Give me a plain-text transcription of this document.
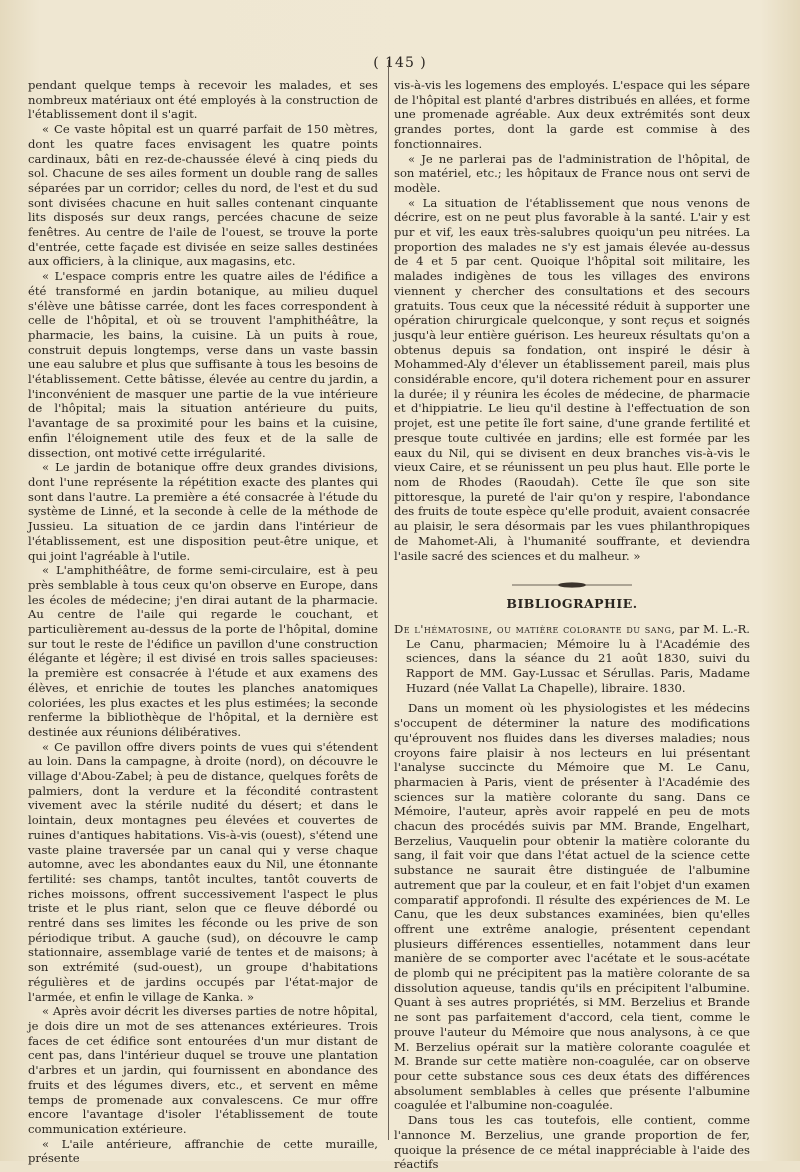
( 145 )

pendant quelque temps à recevoir les malades, et ses nombreux matériaux ont été employés à la construction de l'établissement dont il s'agit.

« Ce vaste hôpital est un quarré parfait de 150 mètres, dont les quatre faces envisagent les quatre points cardinaux, bâti en rez-de-chaussée élevé à cinq pieds du sol. Chacune de ses ailes forment un double rang de salles séparées par un corridor; celles du nord, de l'est et du sud sont divisées chacune en huit salles contenant cinquante lits disposés sur deux rangs, percées chacune de seize fenêtres. Au centre de l'aile de l'ouest, se trouve la porte d'entrée, cette façade est divisée en seize salles destinées aux officiers, à la clinique, aux magasins, etc.

« L'espace compris entre les quatre ailes de l'édifice a été transformé en jardin botanique, au milieu duquel s'élève une bâtisse carrée, dont les faces correspondent à celle de l'hôpital, et où se trouvent l'amphithéâtre, la pharmacie, les bains, la cuisine. Là un puits à roue, construit depuis longtemps, verse dans un vaste bassin une eau salubre et plus que suffisante à tous les besoins de l'établissement. Cette bâtisse, élevée au centre du jardin, a l'inconvénient de masquer une partie de la vue intérieure de l'hôpital; mais la situation antérieure du puits, l'avantage de sa proximité pour les bains et la cuisine, enfin l'éloignement utile des feux et de la salle de dissection, ont motivé cette irrégularité.

« Le jardin de botanique offre deux grandes divisions, dont l'une représente la répétition exacte des plantes qui sont dans l'autre. La première a été consacrée à l'étude du système de Linné, et la seconde à celle de la méthode de Jussieu. La situation de ce jardin dans l'intérieur de l'établissement, est une disposition peut-être unique, et qui joint l'agréable à l'utile.

« L'amphithéâtre, de forme semi-circulaire, est à peu près semblable à tous ceux qu'on observe en Europe, dans les écoles de médecine; j'en dirai autant de la pharmacie. Au centre de l'aile qui regarde le couchant, et particulièrement au-dessus de la porte de l'hôpital, domine sur tout le reste de l'édifice un pavillon d'une construction élégante et légère; il est divisé en trois salles spacieuses: la première est consacrée à l'étude et aux examens des élèves, et enrichie de toutes les planches anatomiques coloriées, les plus exactes et les plus estimées; la seconde renferme la bibliothèque de l'hôpital, et la dernière est destinée aux réunions délibératives.

« Ce pavillon offre divers points de vues qui s'étendent au loin. Dans la campagne, à droite (nord), on découvre le village d'Abou-Zabel; à peu de distance, quelques forêts de palmiers, dont la verdure et la fécondité contrastent vivement avec la stérile nudité du désert; et dans le lointain, deux montagnes peu élevées et couvertes de ruines d'antiques habitations. Vis-à-vis (ouest), s'étend une vaste plaine traversée par un canal qui y verse chaque automne, avec les abondantes eaux du Nil, une étonnante fertilité: ses champs, tantôt incultes, tantôt couverts de riches moissons, offrent successivement l'aspect le plus triste et le plus riant, selon que ce fleuve débordé ou rentré dans ses limites les féconde ou les prive de son périodique tribut. A gauche (sud), on découvre le camp stationnaire, assemblage varié de tentes et de maisons; à son extrémité (sud-ouest), un groupe d'habitations régulières et de jardins occupés par l'état-major de l'armée, et enfin le village de Kanka. »

« Après avoir décrit les diverses parties de notre hôpital, je dois dire un mot de ses attenances extérieures. Trois faces de cet édifice sont entourées d'un mur distant de cent pas, dans l'intérieur duquel se trouve une plantation d'arbres et un jardin, qui fournissent en abondance des fruits et des légumes divers, etc., et servent en même temps de promenade aux convalescens. Ce mur offre encore l'avantage d'isoler l'établissement de toute communication extérieure.

« L'aile antérieure, affranchie de cette muraille, présente

vis-à-vis les logemens des employés. L'espace qui les sépare de l'hôpital est planté d'arbres distribués en allées, et forme une promenade agréable. Aux deux extrémités sont deux grandes portes, dont la garde est commise à des fonctionnaires.

« Je ne parlerai pas de l'administration de l'hôpital, de son matériel, etc.; les hôpitaux de France nous ont servi de modèle.

« La situation de l'établissement que nous venons de décrire, est on ne peut plus favorable à la santé. L'air y est pur et vif, les eaux très-salubres quoiqu'un peu nitrées. La proportion des malades ne s'y est jamais élevée au-dessus de 4 et 5 par cent. Quoique l'hôpital soit militaire, les malades indigènes de tous les villages des environs viennent y chercher des consultations et des secours gratuits. Tous ceux que la nécessité réduit à supporter une opération chirurgicale quelconque, y sont reçus et soignés jusqu'à leur entière guérison. Les heureux résultats qu'on a obtenus depuis sa fondation, ont inspiré le désir à Mohammed-Aly d'élever un établissement pareil, mais plus considérable encore, qu'il dotera richement pour en assurer la durée; il y réunira les écoles de médecine, de pharmacie et d'hippiatrie. Le lieu qu'il destine à l'effectuation de son projet, est une petite île fort saine, d'une grande fertilité et presque toute cultivée en jardins; elle est formée par les eaux du Nil, qui se divisent en deux branches vis-à-vis le vieux Caire, et se réunissent un peu plus haut. Elle porte le nom de Rhodes (Raoudah). Cette île que son site pittoresque, la pureté de l'air qu'on y respire, l'abondance des fruits de toute espèce qu'elle produit, avaient consacrée au plaisir, le sera désormais par les vues philanthropiques de Mahomet-Ali, à l'humanité souffrante, et deviendra l'asile sacré des sciences et du malheur. »

BIBLIOGRAPHIE.

De l'hématosine, ou matière colorante du sang, par M. L.-R. Le Canu, pharmacien; Mémoire lu à l'Académie des sciences, dans la séance du 21 août 1830, suivi du Rapport de MM. Gay-Lussac et Sérullas. Paris, Madame Huzard (née Vallat La Chapelle), libraire. 1830.

Dans un moment où les physiologistes et les médecins s'occupent de déterminer la nature des modifications qu'éprouvent nos fluides dans les diverses maladies; nous croyons faire plaisir à nos lecteurs en lui présentant l'analyse succincte du Mémoire que M. Le Canu, pharmacien à Paris, vient de présenter à l'Académie des sciences sur la matière colorante du sang. Dans ce Mémoire, l'auteur, après avoir rappelé en peu de mots chacun des procédés suivis par MM. Brande, Engelhart, Berzelius, Vauquelin pour obtenir la matière colorante du sang, il fait voir que dans l'état actuel de la science cette substance ne saurait être distinguée de l'albumine autrement que par la couleur, et en fait l'objet d'un examen comparatif approfondi. Il résulte des expériences de M. Le Canu, que les deux substances examinées, bien qu'elles offrent une extrême analogie, présentent cependant plusieurs différences essentielles, notamment dans leur manière de se comporter avec l'acétate et le sous-acétate de plomb qui ne précipitent pas la matière colorante de sa dissolution aqueuse, tandis qu'ils en précipitent l'albumine. Quant à ses autres propriétés, si MM. Berzelius et Brande ne sont pas parfaitement d'accord, cela tient, comme le prouve l'auteur du Mémoire que nous analysons, à ce que M. Berzelius opérait sur la matière colorante coagulée et M. Brande sur cette matière non-coagulée, car on observe pour cette substance sous ces deux états des différences absolument semblables à celles que présente l'albumine coagulée et l'albumine non-coagulée.

Dans tous les cas toutefois, elle contient, comme l'annonce M. Berzelius, une grande proportion de fer, quoique la présence de ce métal inappréciable à l'aide des réactifs
